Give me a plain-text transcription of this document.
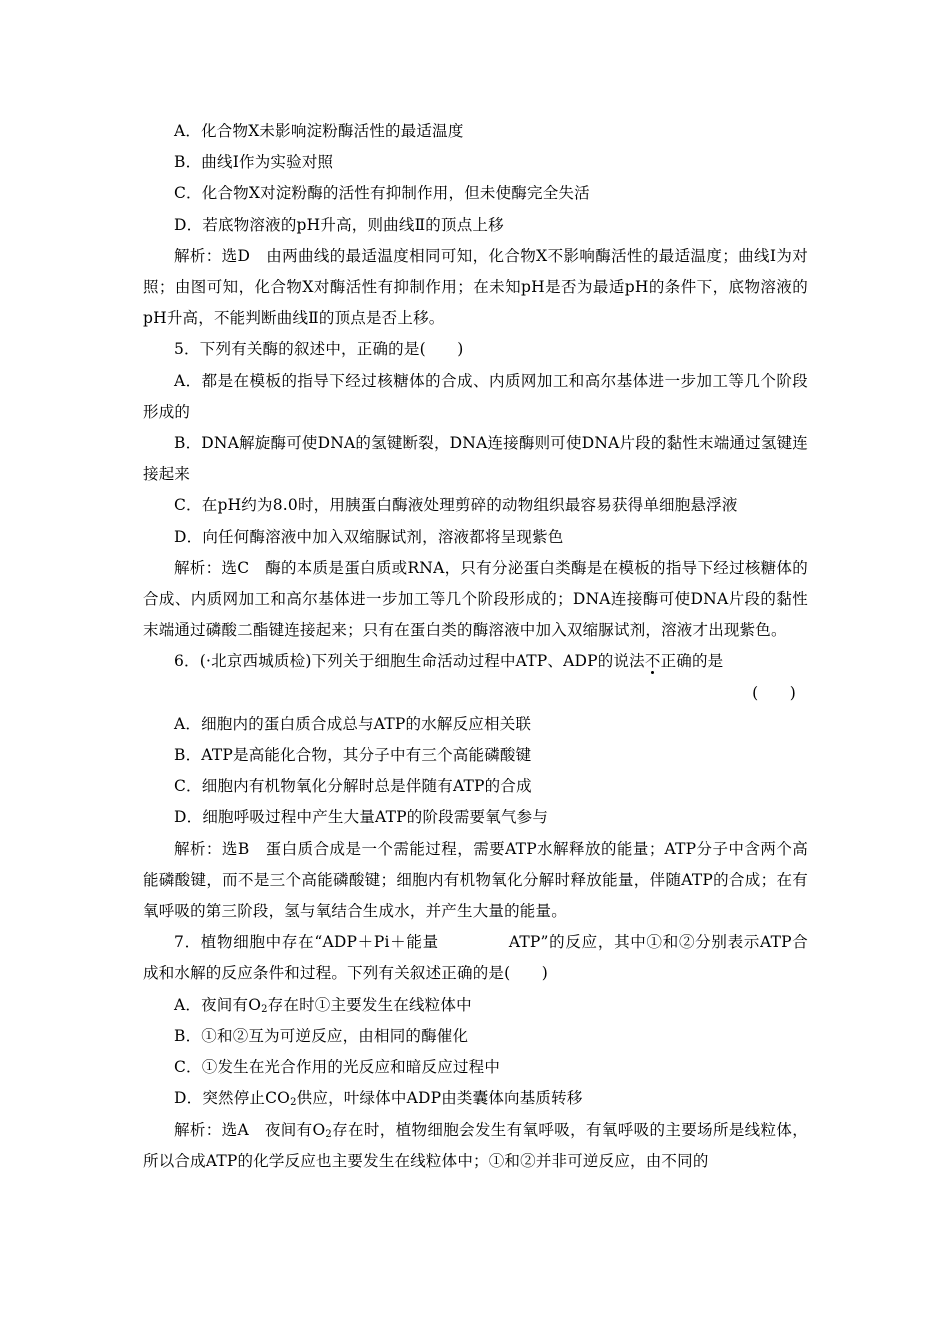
A．化合物X未影响淀粉酶活性的最适温度

B．曲线Ⅰ作为实验对照

C．化合物X对淀粉酶的活性有抑制作用，但未使酶完全失活

D．若底物溶液的pH升高，则曲线Ⅱ的顶点上移

解析：选D　由两曲线的最适温度相同可知，化合物X不影响酶活性的最适温度；曲线Ⅰ为对照；由图可知，化合物X对酶活性有抑制作用；在未知pH是否为最适pH的条件下，底物溶液的pH升高，不能判断曲线Ⅱ的顶点是否上移。

5．下列有关酶的叙述中，正确的是(　　)

A．都是在模板的指导下经过核糖体的合成、内质网加工和高尔基体进一步加工等几个阶段形成的

B．DNA解旋酶可使DNA的氢键断裂，DNA连接酶则可使DNA片段的黏性末端通过氢键连接起来

C．在pH约为8.0时，用胰蛋白酶液处理剪碎的动物组织最容易获得单细胞悬浮液

D．向任何酶溶液中加入双缩脲试剂，溶液都将呈现紫色

解析：选C　酶的本质是蛋白质或RNA，只有分泌蛋白类酶是在模板的指导下经过核糖体的合成、内质网加工和高尔基体进一步加工等几个阶段形成的；DNA连接酶可使DNA片段的黏性末端通过磷酸二酯键连接起来；只有在蛋白类的酶溶液中加入双缩脲试剂，溶液才出现紫色。

6．(·北京西城质检)下列关于细胞生命活动过程中ATP、ADP的说法不正确的是

(　　)

A．细胞内的蛋白质合成总与ATP的水解反应相关联

B．ATP是高能化合物，其分子中有三个高能磷酸键

C．细胞内有机物氧化分解时总是伴随有ATP的合成

D．细胞呼吸过程中产生大量ATP的阶段需要氧气参与

解析：选B　蛋白质合成是一个需能过程，需要ATP水解释放的能量；ATP分子中含两个高能磷酸键，而不是三个高能磷酸键；细胞内有机物氧化分解时释放能量，伴随ATP的合成；在有氧呼吸的第三阶段，氢与氧结合生成水，并产生大量的能量。

7．植物细胞中存在“ADP＋Pi＋能量	ATP”的反应，其中①和②分别表示ATP合成和水解的反应条件和过程。下列有关叙述正确的是(　　)

A．夜间有$O_2$存在时①主要发生在线粒体中

B．①和②互为可逆反应，由相同的酶催化

C．①发生在光合作用的光反应和暗反应过程中

D．突然停止$CO_2$供应，叶绿体中ADP由类囊体向基质转移

解析：选A　夜间有$O_2$存在时，植物细胞会发生有氧呼吸，有氧呼吸的主要场所是线粒体，所以合成ATP的化学反应也主要发生在线粒体中；①和②并非可逆反应，由不同的
